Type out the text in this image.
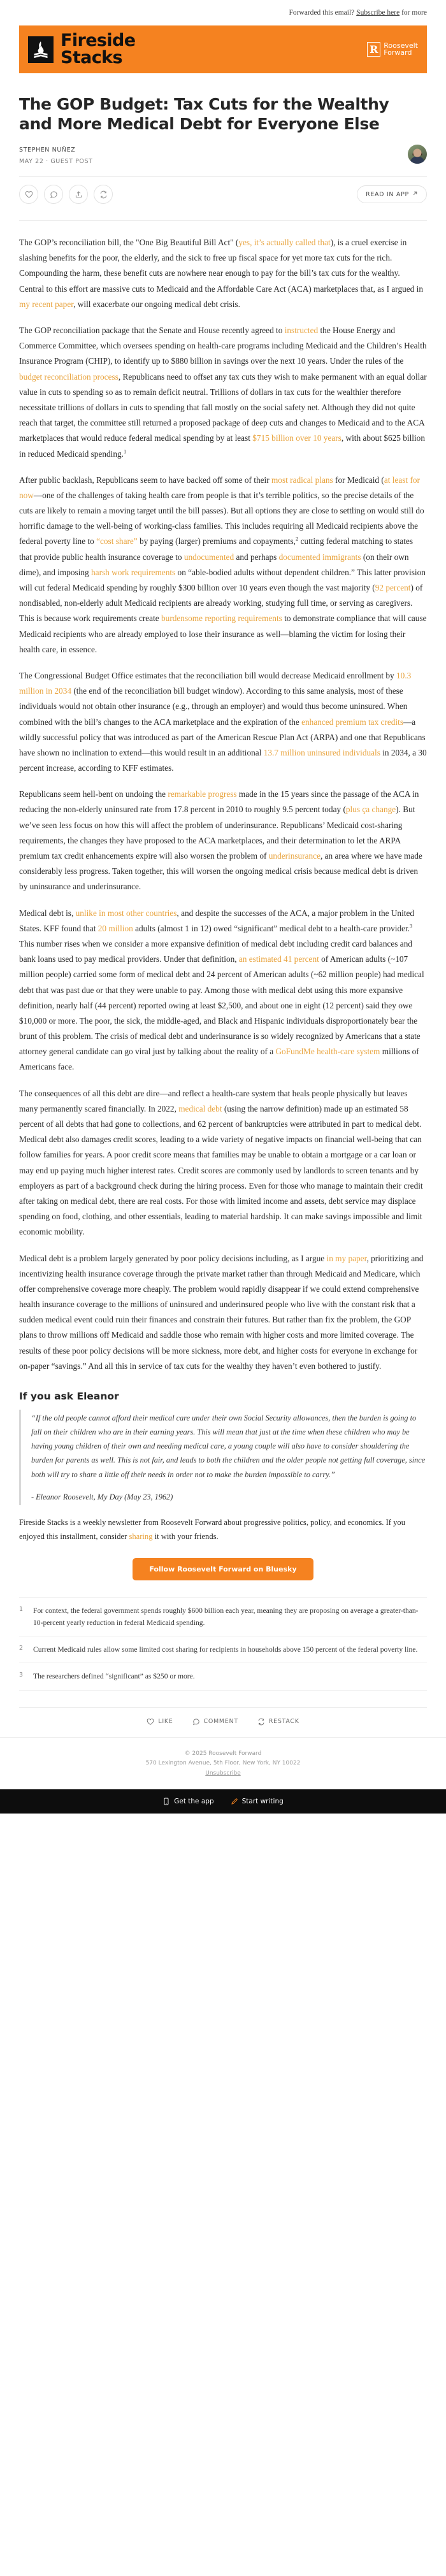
Forwarded this email? Subscribe here for more
Fireside
Stacks	R Roosevelt
Forward
The GOP Budget: Tax Cuts for the Wealthy and More Medical Debt for Everyone Else
STEPHEN NUÑEZ
MAY 22 · GUEST POST
READ IN APP

The GOP’s reconciliation bill, the "One Big Beautiful Bill Act" (yes, it’s actually called that), is a cruel exercise in slashing benefits for the poor, the elderly, and the sick to free up fiscal space for yet more tax cuts for the rich. Compounding the harm, these benefit cuts are nowhere near enough to pay for the bill’s tax cuts for the wealthy. Central to this effort are massive cuts to Medicaid and the Affordable Care Act (ACA) marketplaces that, as I argued in my recent paper, will exacerbate our ongoing medical debt crisis.

The GOP reconciliation package that the Senate and House recently agreed to instructed the House Energy and Commerce Committee, which oversees spending on health-care programs including Medicaid and the Children’s Health Insurance Program (CHIP), to identify up to $880 billion in savings over the next 10 years. Under the rules of the budget reconciliation process, Republicans need to offset any tax cuts they wish to make permanent with an equal dollar value in cuts to spending so as to remain deficit neutral. Trillions of dollars in tax cuts for the wealthier therefore necessitate trillions of dollars in cuts to spending that fall mostly on the social safety net. Although they did not quite reach that target, the committee still returned a proposed package of deep cuts and changes to Medicaid and to the ACA marketplaces that would reduce federal medical spending by at least $715 billion over 10 years, with about $625 billion in reduced Medicaid spending.$^1$

After public backlash, Republicans seem to have backed off some of their most radical plans for Medicaid (at least for now—one of the challenges of taking health care from people is that it’s terrible politics, so the precise details of the cuts are likely to remain a moving target until the bill passes). But all options they are close to settling on would still do horrific damage to the well-being of working-class families. This includes requiring all Medicaid recipients above the federal poverty line to “cost share” by paying (larger) premiums and copayments,$^2$ cutting federal matching to states that provide public health insurance coverage to undocumented and perhaps documented immigrants (on their own dime), and imposing harsh work requirements on “able-bodied adults without dependent children.” This latter provision will cut federal Medicaid spending by roughly $300 billion over 10 years even though the vast majority (92 percent) of nondisabled, non-elderly adult Medicaid recipients are already working, studying full time, or serving as caregivers. This is because work requirements create burdensome reporting requirements to demonstrate compliance that will cause Medicaid recipients who are already employed to lose their insurance as well—blaming the victim for losing their health care, in essence.

The Congressional Budget Office estimates that the reconciliation bill would decrease Medicaid enrollment by 10.3 million in 2034 (the end of the reconciliation bill budget window). According to this same analysis, most of these individuals would not obtain other insurance (e.g., through an employer) and would thus become uninsured. When combined with the bill’s changes to the ACA marketplace and the expiration of the enhanced premium tax credits—a wildly successful policy that was introduced as part of the American Rescue Plan Act (ARPA) and one that Republicans have shown no inclination to extend—this would result in an additional 13.7 million uninsured individuals in 2034, a 30 percent increase, according to KFF estimates.

Republicans seem hell-bent on undoing the remarkable progress made in the 15 years since the passage of the ACA in reducing the non-elderly uninsured rate from 17.8 percent in 2010 to roughly 9.5 percent today (plus ça change). But we’ve seen less focus on how this will affect the problem of underinsurance. Republicans’ Medicaid cost-sharing requirements, the changes they have proposed to the ACA marketplaces, and their determination to let the ARPA premium tax credit enhancements expire will also worsen the problem of underinsurance, an area where we have made considerably less progress. Taken together, this will worsen the ongoing medical crisis because medical debt is driven by uninsurance and underinsurance.

Medical debt is, unlike in most other countries, and despite the successes of the ACA, a major problem in the United States. KFF found that 20 million adults (almost 1 in 12) owed “significant” medical debt to a health-care provider.$^3$ This number rises when we consider a more expansive definition of medical debt including credit card balances and bank loans used to pay medical providers. Under that definition, an estimated 41 percent of American adults (~107 million people) carried some form of medical debt and 24 percent of American adults (~62 million people) had medical debt that was past due or that they were unable to pay. Among those with medical debt using this more expansive definition, nearly half (44 percent) reported owing at least $2,500, and about one in eight (12 percent) said they owe $10,000 or more. The poor, the sick, the middle-aged, and Black and Hispanic individuals disproportionately bear the brunt of this problem. The crisis of medical debt and underinsurance is so widely recognized by Americans that a state attorney general candidate can go viral just by talking about the reality of a GoFundMe health-care system millions of Americans face.

The consequences of all this debt are dire—and reflect a health-care system that heals people physically but leaves many permanently scared financially. In 2022, medical debt (using the narrow definition) made up an estimated 58 percent of all debts that had gone to collections, and 62 percent of bankruptcies were attributed in part to medical debt. Medical debt also damages credit scores, leading to a wide variety of negative impacts on financial well-being that can follow families for years. A poor credit score means that families may be unable to obtain a mortgage or a car loan or may end up paying much higher interest rates. Credit scores are commonly used by landlords to screen tenants and by employers as part of a background check during the hiring process. Even for those who manage to maintain their credit after taking on medical debt, there are real costs. For those with limited income and assets, debt service may displace spending on food, clothing, and other essentials, leading to material hardship. It can make savings impossible and limit economic mobility.

Medical debt is a problem largely generated by poor policy decisions including, as I argue in my paper, prioritizing and incentivizing health insurance coverage through the private market rather than through Medicaid and Medicare, which offer comprehensive coverage more cheaply. The problem would rapidly disappear if we could extend comprehensive health insurance coverage to the millions of uninsured and underinsured people who live with the constant risk that a sudden medical event could ruin their finances and constrain their futures. But rather than fix the problem, the GOP plans to throw millions off Medicaid and saddle those who remain with higher costs and more limited coverage. The results of these poor policy decisions will be more sickness, more debt, and higher costs for everyone in exchange for on-paper “savings.” And all this in service of tax cuts for the wealthy they haven’t even bothered to justify.

If you ask Eleanor

“If the old people cannot afford their medical care under their own Social Security allowances, then the burden is going to fall on their children who are in their earning years. This will mean that just at the time when these children who may be having young children of their own and needing medical care, a young couple will also have to consider shouldering the burden for parents as well. This is not fair, and leads to both the children and the older people not getting full coverage, since both will try to share a little off their needs in order not to make the burden impossible to carry.”

- Eleanor Roosevelt, My Day (May 23, 1962)

Fireside Stacks is a weekly newsletter from Roosevelt Forward about progressive politics, policy, and economics. If you enjoyed this installment, consider sharing it with your friends.

Follow Roosevelt Forward on Bluesky
1	For context, the federal government spends roughly $600 billion each year, meaning they are proposing on average a greater-than-10-percent yearly reduction in federal Medicaid spending.
2	Current Medicaid rules allow some limited cost sharing for recipients in households above 150 percent of the federal poverty line.
3	The researchers defined “significant” as $250 or more.
LIKE	COMMENT	RESTACK
© 2025 Roosevelt Forward
570 Lexington Avenue, 5th Floor, New York, NY 10022
Unsubscribe
Get the app	Start writing
